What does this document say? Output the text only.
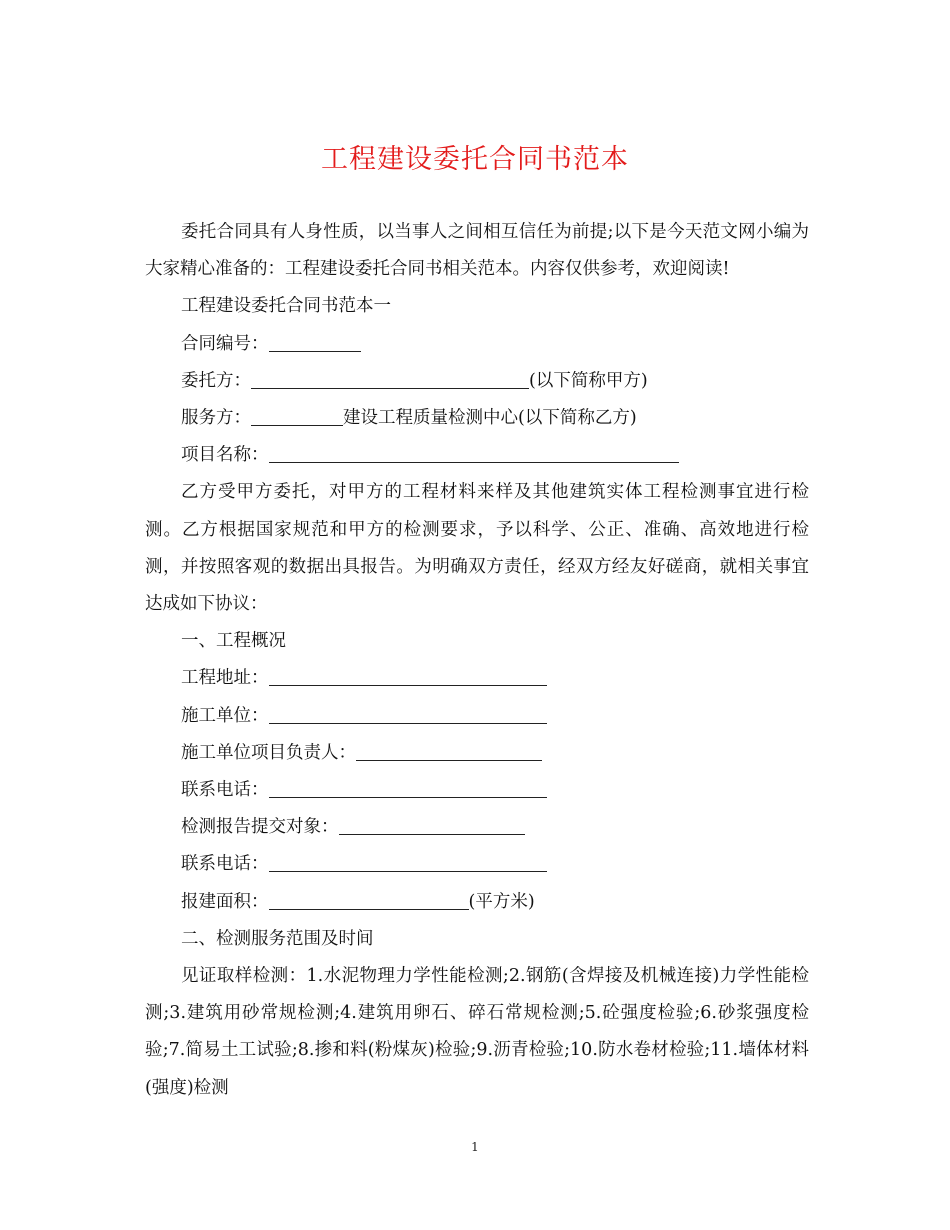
工程建设委托合同书范本

委托合同具有人身性质，以当事人之间相互信任为前提;以下是今天范文网小编为大家精心准备的：工程建设委托合同书相关范本。内容仅供参考，欢迎阅读!

工程建设委托合同书范本一

合同编号：

委托方：	(以下简称甲方)

服务方：	建设工程质量检测中心(以下简称乙方)

项目名称：

乙方受甲方委托，对甲方的工程材料来样及其他建筑实体工程检测事宜进行检测。乙方根据国家规范和甲方的检测要求，予以科学、公正、准确、高效地进行检测，并按照客观的数据出具报告。为明确双方责任，经双方经友好磋商，就相关事宜达成如下协议：

一、工程概况

工程地址：

施工单位：

施工单位项目负责人：

联系电话：

检测报告提交对象：

联系电话：

报建面积：	(平方米)

二、检测服务范围及时间

见证取样检测：1.水泥物理力学性能检测;2.钢筋(含焊接及机械连接)力学性能检测;3.建筑用砂常规检测;4.建筑用卵石、碎石常规检测;5.砼强度检验;6.砂浆强度检验;7.简易土工试验;8.掺和料(粉煤灰)检验;9.沥青检验;10.防水卷材检验;11.墙体材料(强度)检测

1
